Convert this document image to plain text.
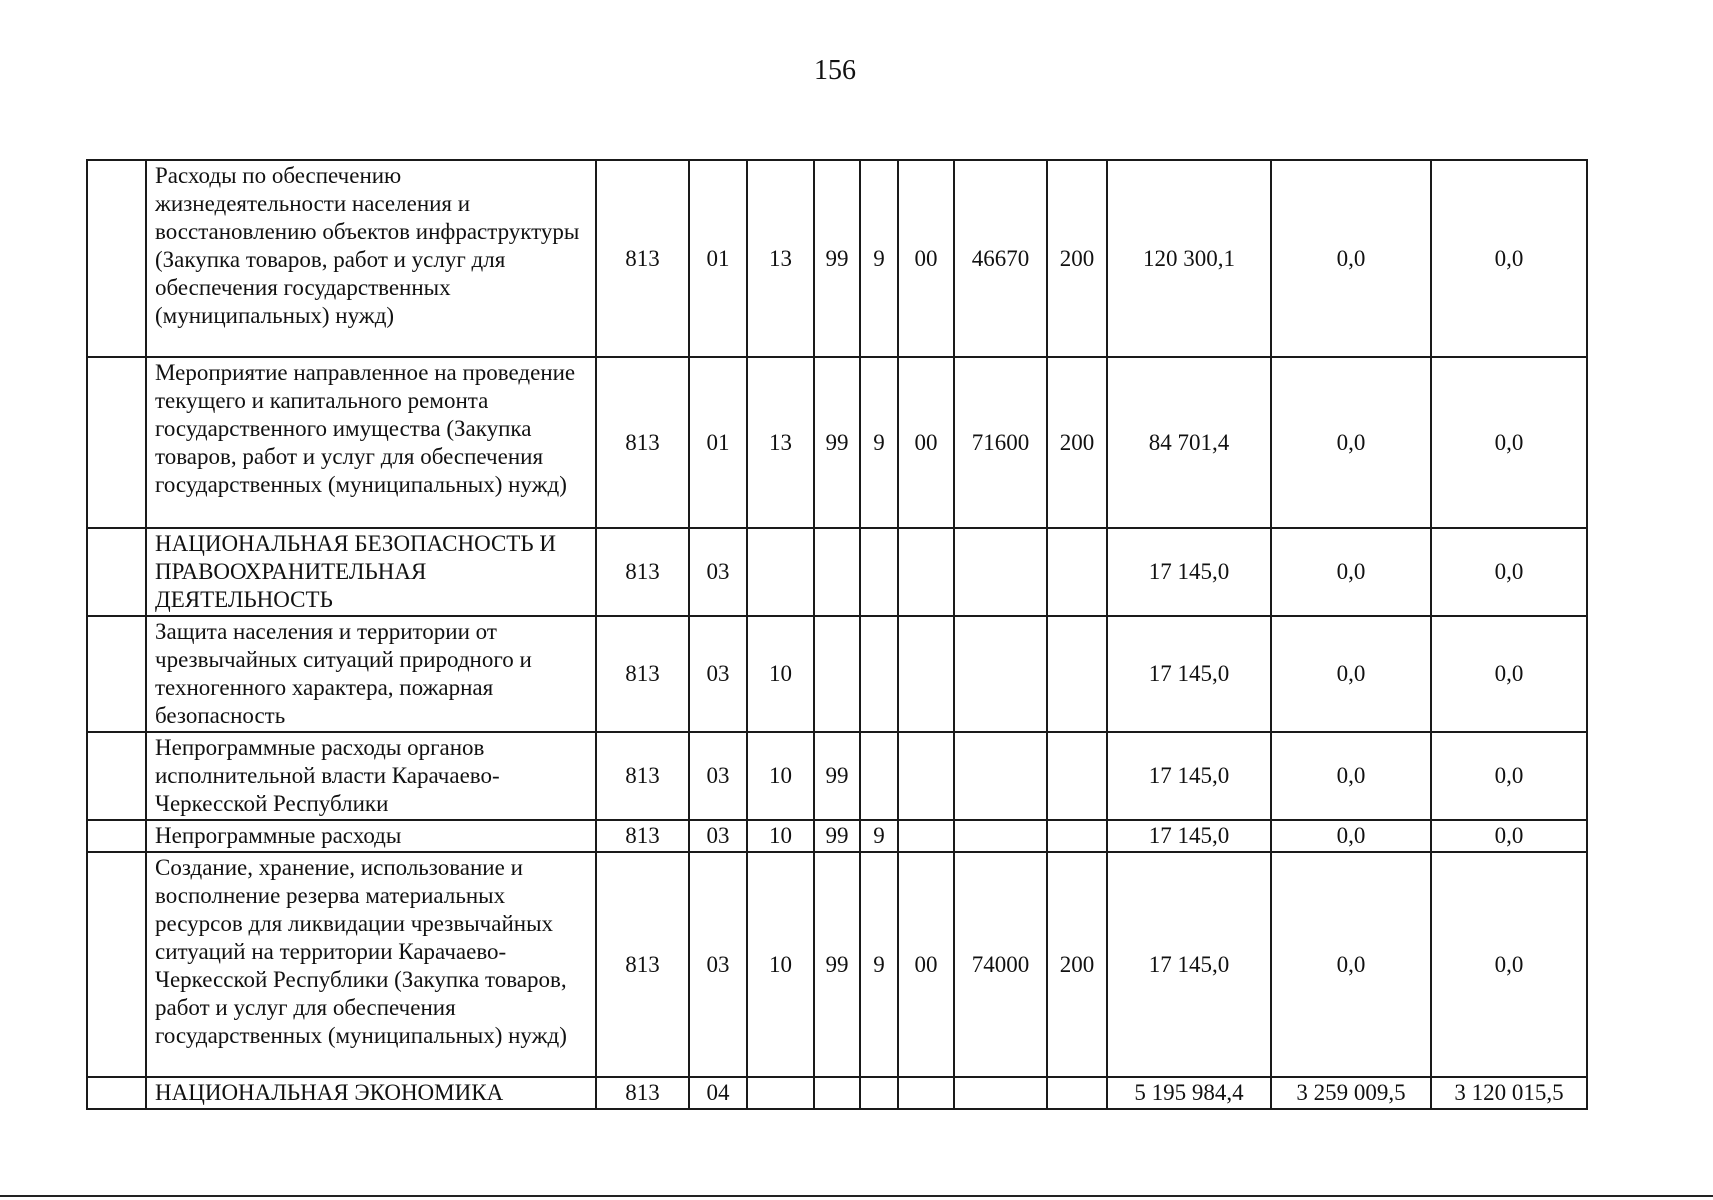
156
	Расходы по обеспечению жизнедеятельности населения и восстановлению объектов инфраструктуры (Закупка товаров, работ и услуг для обеспечения государственных (муниципальных) нужд)	813	01	13	99	9	00	46670	200	120 300,1	0,0	0,0
	Мероприятие направленное на проведение текущего и капитального ремонта государственного имущества (Закупка товаров, работ и услуг для обеспечения государственных (муниципальных) нужд)	813	01	13	99	9	00	71600	200	84 701,4	0,0	0,0
	НАЦИОНАЛЬНАЯ БЕЗОПАСНОСТЬ И ПРАВООХРАНИТЕЛЬНАЯ ДЕЯТЕЛЬНОСТЬ	813	03							17 145,0	0,0	0,0
	Защита населения и территории от чрезвычайных ситуаций природного и техногенного характера, пожарная безопасность	813	03	10						17 145,0	0,0	0,0
	Непрограммные расходы органов исполнительной власти Карачаево-Черкесской Республики	813	03	10	99					17 145,0	0,0	0,0
	Непрограммные расходы	813	03	10	99	9				17 145,0	0,0	0,0
	Создание, хранение, использование и восполнение резерва материальных ресурсов для ликвидации чрезвычайных ситуаций на территории Карачаево-Черкесской Республики (Закупка товаров, работ и услуг для обеспечения государственных (муниципальных) нужд)	813	03	10	99	9	00	74000	200	17 145,0	0,0	0,0
	НАЦИОНАЛЬНАЯ ЭКОНОМИКА	813	04							5 195 984,4	3 259 009,5	3 120 015,5
